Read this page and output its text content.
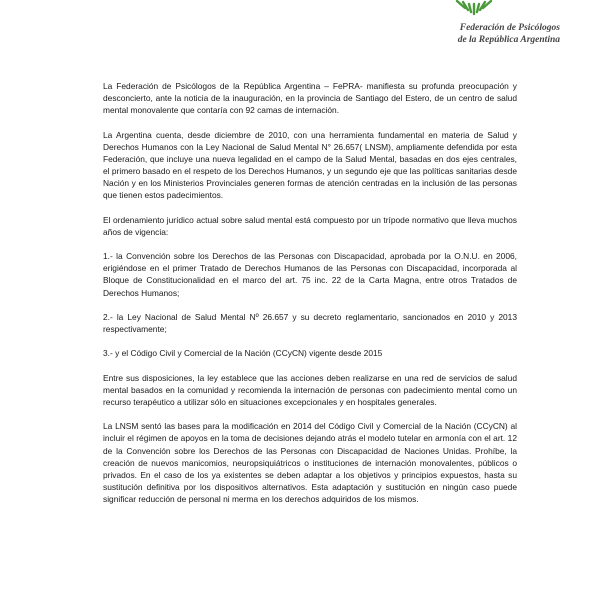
Federación de Psicólogos
de la República Argentina

La Federación de Psicólogos de la República Argentina – FePRA- manifiesta su profunda preocupación y desconcierto, ante la noticia de la inauguración, en la provincia de Santiago del Estero, de un centro de salud mental monovalente que contaría con 92 camas de internación.

La Argentina cuenta, desde diciembre de 2010, con una herramienta fundamental en materia de Salud y Derechos Humanos con la Ley Nacional de Salud Mental N° 26.657( LNSM), ampliamente defendida por esta Federación, que incluye una nueva legalidad en el campo de la Salud Mental, basadas en dos ejes centrales, el primero basado en el respeto de los Derechos Humanos, y un segundo eje que las políticas sanitarias desde Nación y en los Ministerios Provinciales generen formas de atención centradas en la inclusión de las personas que tienen estos padecimientos.

El ordenamiento jurídico actual sobre salud mental está compuesto por un trípode normativo que lleva muchos años de vigencia:

1.- la Convención sobre los Derechos de las Personas con Discapacidad, aprobada por la O.N.U. en 2006, erigiéndose en el primer Tratado de Derechos Humanos de las Personas con Discapacidad, incorporada al Bloque de Constitucionalidad en el marco del art. 75 inc. 22 de la Carta Magna, entre otros Tratados de Derechos Humanos;

2.- la Ley Nacional de Salud Mental Nº 26.657 y su decreto reglamentario, sancionados en 2010 y 2013 respectivamente;

3.- y el Código Civil y Comercial de la Nación (CCyCN) vigente desde 2015

Entre sus disposiciones, la ley establece que las acciones deben realizarse en una red de servicios de salud mental basados en la comunidad y recomienda la internación de personas con padecimiento mental como un recurso terapéutico a utilizar sólo en situaciones excepcionales y en hospitales generales.

La LNSM sentó las bases para la modificación en 2014 del Código Civil y Comercial de la Nación (CCyCN) al incluir el régimen de apoyos en la toma de decisiones dejando atrás el modelo tutelar en armonía con el art. 12 de la Convención sobre los Derechos de las Personas con Discapacidad de Naciones Unidas. Prohíbe, la creación de nuevos manicomios, neuropsiquiátricos o instituciones de internación monovalentes, públicos o privados. En el caso de los ya existentes se deben adaptar a los objetivos y principios expuestos, hasta su sustitución definitiva por los dispositivos alternativos. Esta adaptación y sustitución en ningún caso puede significar reducción de personal ni merma en los derechos adquiridos de los mismos.
